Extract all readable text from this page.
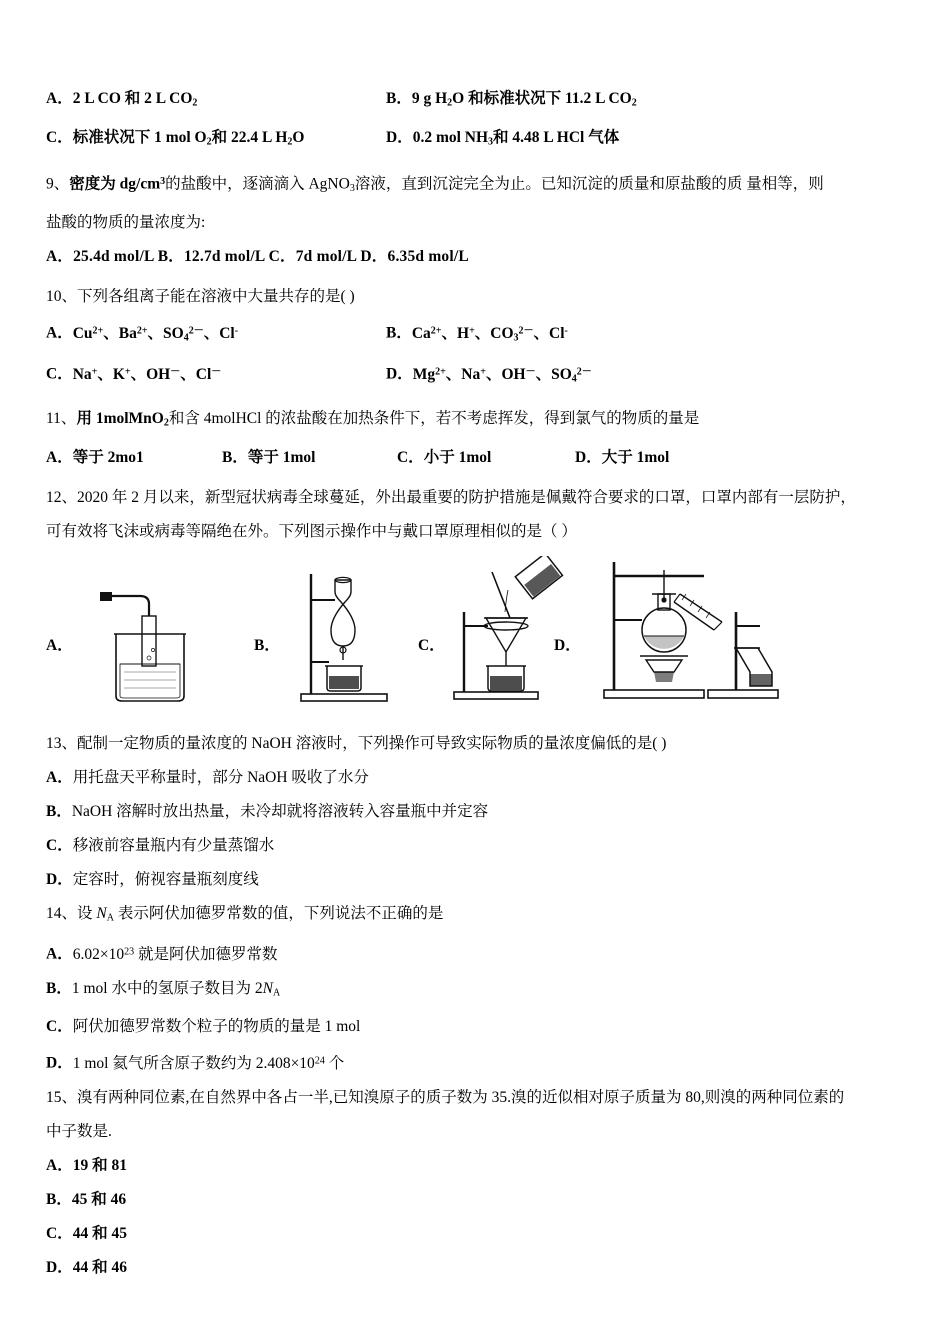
A．2 L CO 和 2 L $CO_2$	B．9 g $H_2O$ 和标准状况下 11.2 L $CO_2$
C．标准状况下 1 mol $O_2$和 22.4 L $H_2O$	D．0.2 mol $NH_3$和 4.48 L HCl 气体
9、密度为 $dg/cm^3$的盐酸中，逐滴滴入 AgNO$_3$溶液，直到沉淀完全为止。已知沉淀的质量和原盐酸的质 量相等，则
盐酸的物质的量浓度为:
A．25.4d mol/L B．12.7d mol/L C．7d mol/L D．6.35d mol/L
10、下列各组离子能在溶液中大量共存的是( )
A．$Cu^{2+}$、$Ba^{2+}$、$SO_4^{2-}$、Cl-	B．$Ca^{2+}$、H+、$CO_3^{2-}$、Cl-
C．Na+、K+、OH－、Cl－	D．$Mg^{2+}$、Na+、OH－、$SO_4^{2-}$
11、用 1molMnO$_2$和含 4molHCl 的浓盐酸在加热条件下，若不考虑挥发，得到氯气的物质的量是
A．等于 2mo1	B．等于 1mol	C．小于 1mol	D．大于 1mol
12、2020 年 2 月以来，新型冠状病毒全球蔓延，外出最重要的防护措施是佩戴符合要求的口罩，口罩内部有一层防护，
可有效将飞沫或病毒等隔绝在外。下列图示操作中与戴口罩原理相似的是（ ）
A．	B．	C．	D．
13、配制一定物质的量浓度的 NaOH 溶液时，下列操作可导致实际物质的量浓度偏低的是( )
A．用托盘天平称量时，部分 NaOH 吸收了水分
B．NaOH 溶解时放出热量，未冷却就将溶液转入容量瓶中并定容
C．移液前容量瓶内有少量蒸馏水
D．定容时，俯视容量瓶刻度线
14、设 $N_A$ 表示阿伏加德罗常数的值，下列说法不正确的是
A．$6.02\times 10^{23}$ 就是阿伏加德罗常数
B．1 mol 水中的氢原子数目为 $2N_A$
C．阿伏加德罗常数个粒子的物质的量是 1 mol
D．1 mol 氦气所含原子数约为 $2.408\times 10^{24}$ 个
15、溴有两种同位素,在自然界中各占一半,已知溴原子的质子数为 35.溴的近似相对原子质量为 80,则溴的两种同位素的
中子数是.
A．19 和 81
B．45 和 46
C．44 和 45
D．44 和 46
